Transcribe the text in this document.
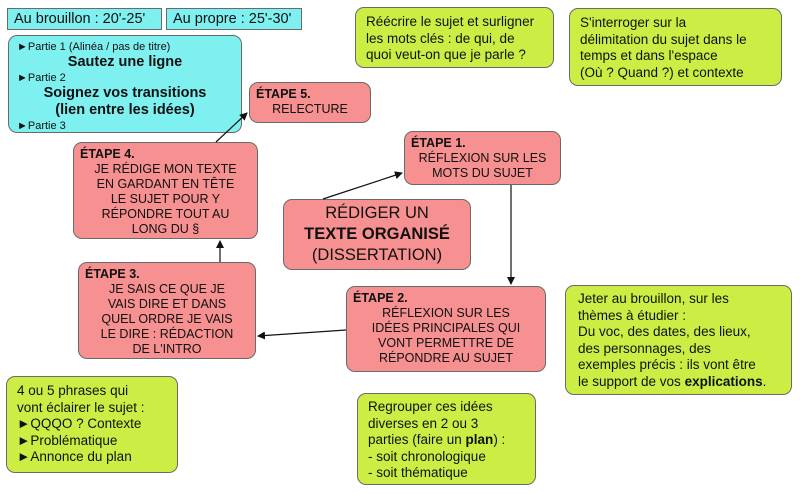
Au brouillon : 20'-25'	Au propre : 25'-30'
►Partie 1 (Alinéa / pas de titre)
Sautez une ligne
►Partie 2
Soignez vos transitions
(lien entre les idées)
►Partie 3
Réécrire le sujet et surligner
les mots clés : de qui, de
quoi veut-on que je parle ?
S'interroger sur la
délimitation du sujet dans le
temps et dans l'espace
(Où ? Quand ?) et contexte
ÉTAPE 5.
RELECTURE
ÉTAPE 4.
JE RÉDIGE MON TEXTE
EN GARDANT EN TÊTE
LE SUJET POUR Y
RÉPONDRE TOUT AU
LONG DU §
ÉTAPE 1.
RÉFLEXION SUR LES
MOTS DU SUJET
RÉDIGER UN
TEXTE ORGANISÉ
(DISSERTATION)
ÉTAPE 3.
JE SAIS CE QUE JE
VAIS DIRE ET DANS
QUEL ORDRE JE VAIS
LE DIRE : RÉDACTION
DE L'INTRO
ÉTAPE 2.
RÉFLEXION SUR LES
IDÉES PRINCIPALES QUI
VONT PERMETTRE DE
RÉPONDRE AU SUJET
Jeter au brouillon, sur les
thèmes à étudier :
Du voc, des dates, des lieux,
des personnages, des
exemples précis : ils vont être
le support de vos explications.
4 ou 5 phrases qui
vont éclairer le sujet :
►QQQO ? Contexte
►Problématique
►Annonce du plan
Regrouper ces idées
diverses en 2 ou 3
parties (faire un plan) :
- soit chronologique
- soit thématique
